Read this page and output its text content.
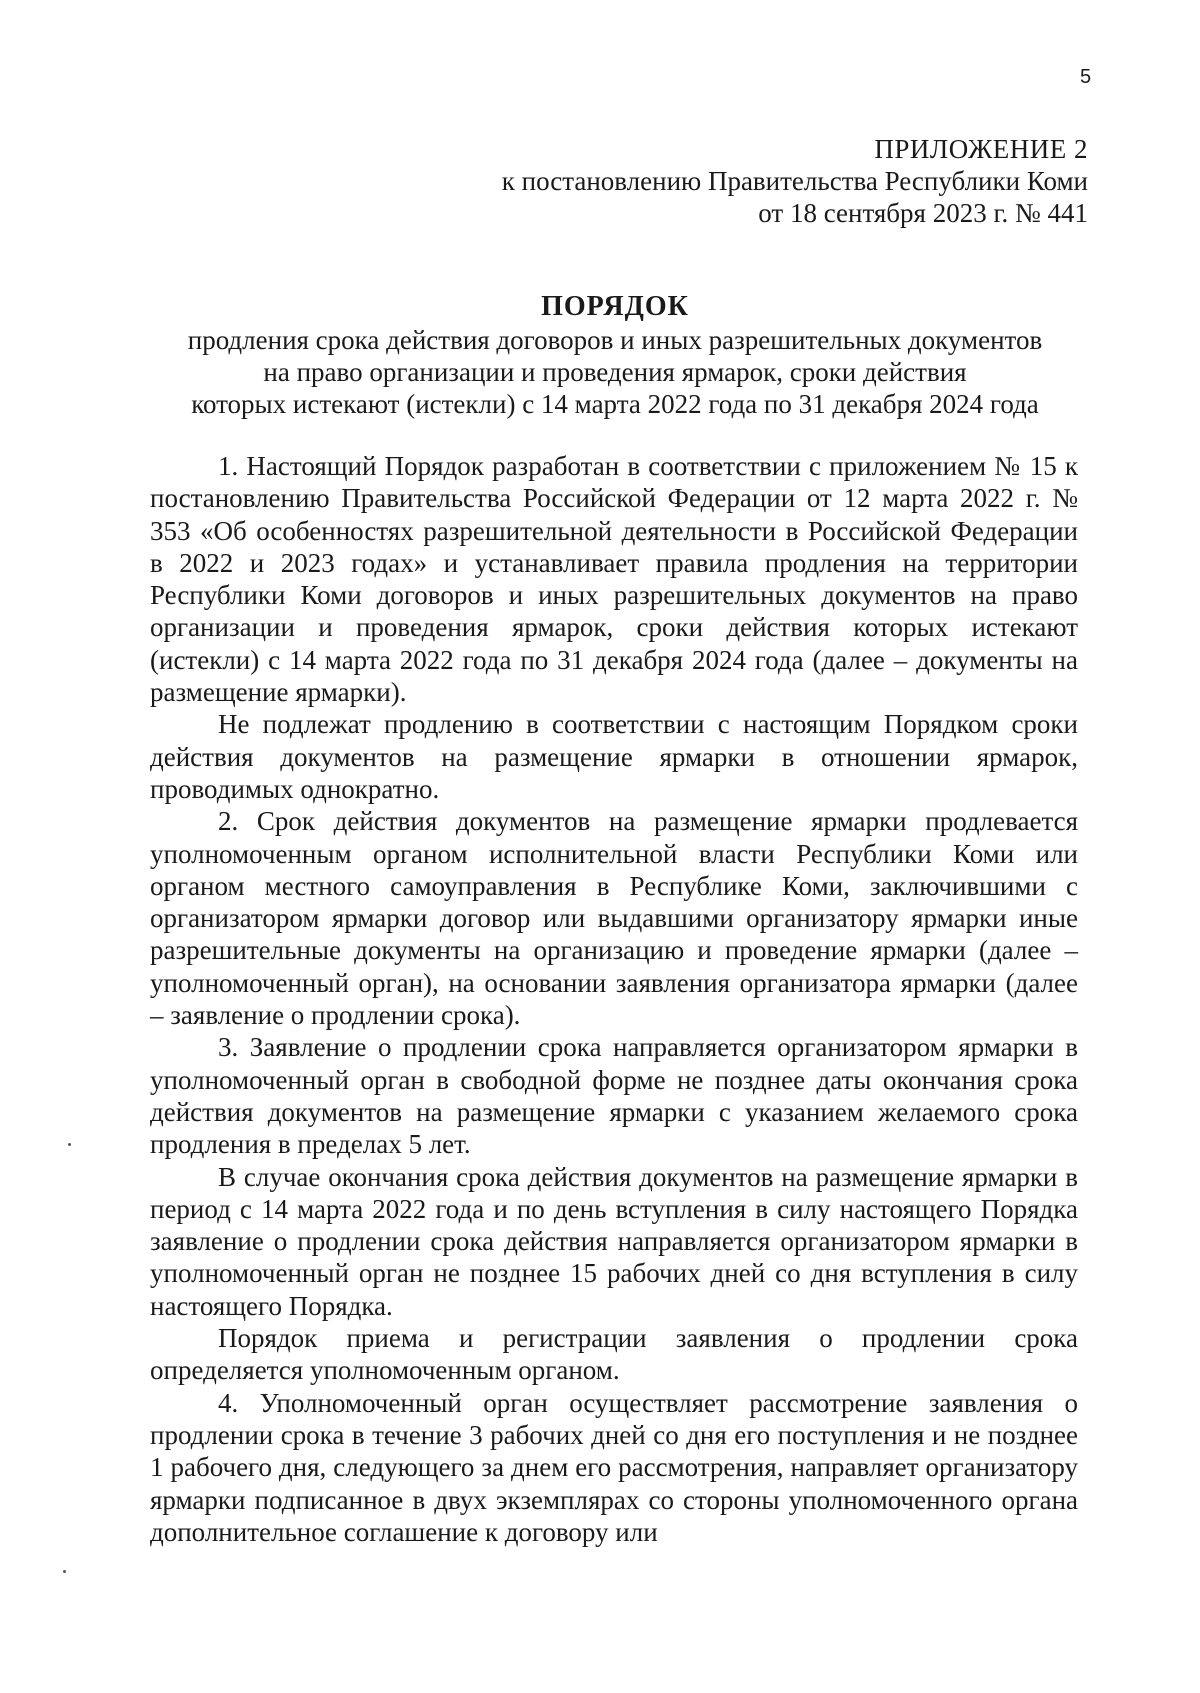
5
ПРИЛОЖЕНИЕ 2
к постановлению Правительства Республики Коми
от 18 сентября 2023 г. № 441
ПОРЯДОК
продления срока действия договоров и иных разрешительных документов
на право организации и проведения ярмарок, сроки действия
которых истекают (истекли) с 14 марта 2022 года по 31 декабря 2024 года

1. Настоящий Порядок разработан в соответствии с приложением № 15 к постановлению Правительства Российской Федерации от 12 марта 2022 г. № 353 «Об особенностях разрешительной деятельности в Российской Федерации в 2022 и 2023 годах» и устанавливает правила продления на территории Республики Коми договоров и иных разрешительных документов на право организации и проведения ярмарок, сроки действия которых истекают (истекли) с 14 марта 2022 года по 31 декабря 2024 года (далее – документы на размещение ярмарки).

Не подлежат продлению в соответствии с настоящим Порядком сроки действия документов на размещение ярмарки в отношении ярмарок, проводимых однократно.

2. Срок действия документов на размещение ярмарки продлевается уполномоченным органом исполнительной власти Республики Коми или органом местного самоуправления в Республике Коми, заключившими с организатором ярмарки договор или выдавшими организатору ярмарки иные разрешительные документы на организацию и проведение ярмарки (далее – уполномоченный орган), на основании заявления организатора ярмарки (далее – заявление о продлении срока).

3. Заявление о продлении срока направляется организатором ярмарки в уполномоченный орган в свободной форме не позднее даты окончания срока действия документов на размещение ярмарки с указанием желаемого срока продления в пределах 5 лет.

В случае окончания срока действия документов на размещение ярмарки в период с 14 марта 2022 года и по день вступления в силу настоящего Порядка заявление о продлении срока действия направляется организатором ярмарки в уполномоченный орган не позднее 15 рабочих дней со дня вступления в силу настоящего Порядка.

Порядок приема и регистрации заявления о продлении срока определяется уполномоченным органом.

4. Уполномоченный орган осуществляет рассмотрение заявления о продлении срока в течение 3 рабочих дней со дня его поступления и не позднее 1 рабочего дня, следующего за днем его рассмотрения, направляет организатору ярмарки подписанное в двух экземплярах со стороны уполномоченного органа дополнительное соглашение к договору или
